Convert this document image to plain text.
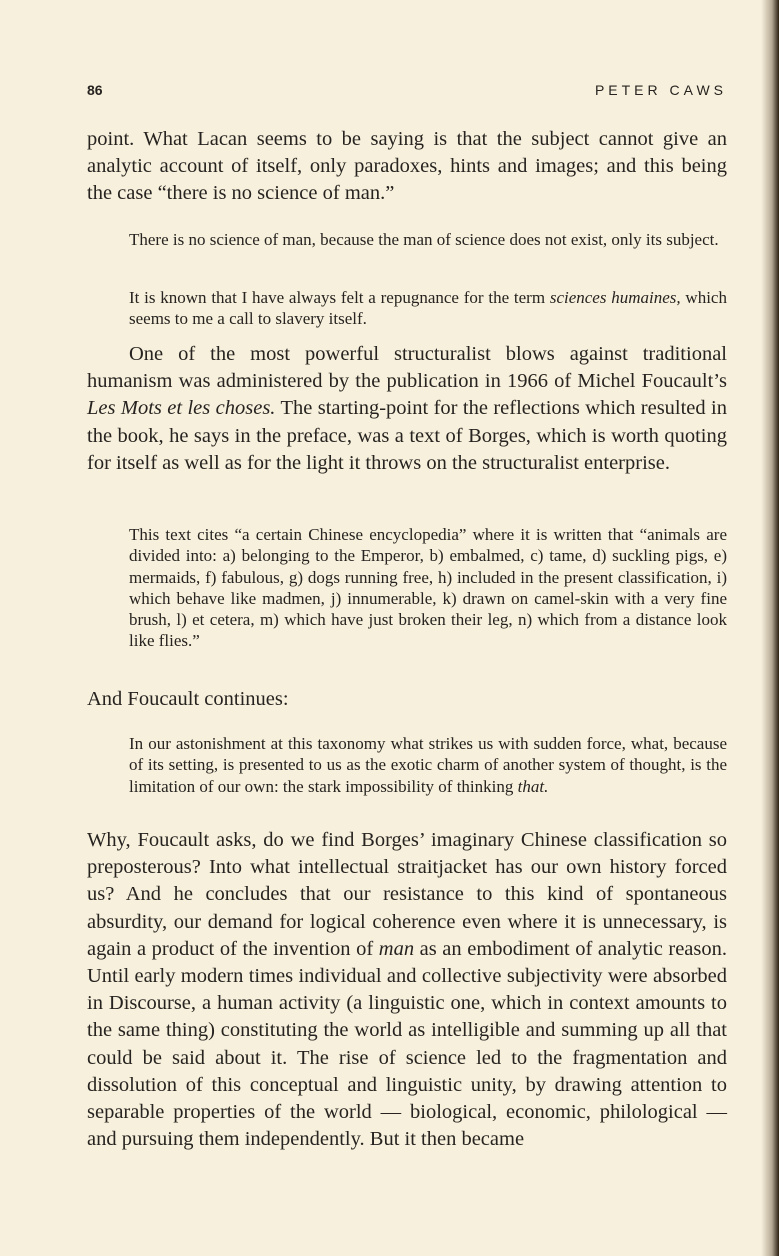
86	PETER CAWS

point. What Lacan seems to be saying is that the subject cannot give an analytic account of itself, only paradoxes, hints and images; and this being the case “there is no science of man.”

There is no science of man, because the man of science does not exist, only its subject.

It is known that I have always felt a repugnance for the term sciences humaines, which seems to me a call to slavery itself.

One of the most powerful structuralist blows against traditional humanism was administered by the publication in 1966 of Michel Foucault’s Les Mots et les choses. The starting-point for the reflections which resulted in the book, he says in the preface, was a text of Borges, which is worth quoting for itself as well as for the light it throws on the structuralist enterprise.

This text cites “a certain Chinese encyclopedia” where it is written that “animals are divided into: a) belonging to the Emperor, b) embalmed, c) tame, d) suckling pigs, e) mermaids, f) fabulous, g) dogs running free, h) included in the present classification, i) which behave like madmen, j) innumerable, k) drawn on camel-skin with a very fine brush, l) et cetera, m) which have just broken their leg, n) which from a distance look like flies.”

And Foucault continues:

In our astonishment at this taxonomy what strikes us with sudden force, what, because of its setting, is presented to us as the exotic charm of another system of thought, is the limitation of our own: the stark impossibility of thinking that.

Why, Foucault asks, do we find Borges’ imaginary Chinese classification so preposterous? Into what intellectual straitjacket has our own history forced us? And he concludes that our resistance to this kind of spontaneous absurdity, our demand for logical coherence even where it is unnecessary, is again a product of the invention of man as an embodiment of analytic reason. Until early modern times individual and collective subjectivity were absorbed in Discourse, a human activity (a linguistic one, which in context amounts to the same thing) constituting the world as intelligible and summing up all that could be said about it. The rise of science led to the fragmentation and dissolution of this conceptual and linguistic unity, by drawing attention to separable properties of the world — biological, economic, philological — and pursuing them independently. But it then became
